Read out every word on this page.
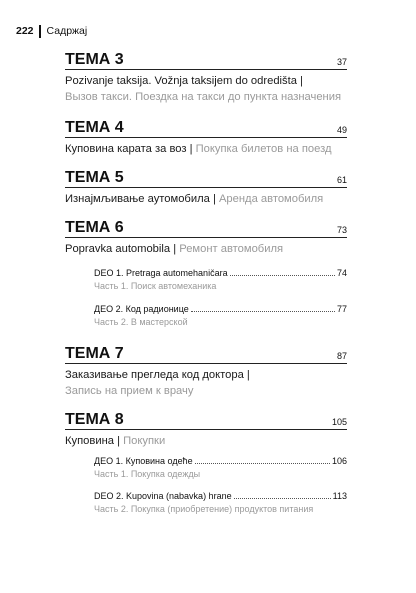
222 Садржај
ТЕМА 3	37
Pozivanje taksija. Vožnja taksijem do odredišta |
Вызов такси. Поездка на такси до пункта назначения
ТЕМА 4	49
Куповина карата за воз | Покупка билетов на поезд
ТЕМА 5	61
Изнајмљивање аутомобила | Аренда автомобиля
ТЕМА 6	73
Popravka automobila | Ремонт автомобиля
DEO 1. Pretraga automehaničara	74
Часть 1. Поиск автомеханика
ДЕО 2. Код радионице	77
Часть 2. В мастерской
ТЕМА 7	87
Заказивање прегледа код доктора |
Запись на прием к врачу
ТЕМА 8	105
Куповина | Покупки
ДЕО 1. Куповина одеће	106
Часть 1. Покупка одежды
DEO 2. Kupovina (nabavka) hrane	113
Часть 2. Покупка (приобретение) продуктов питания
